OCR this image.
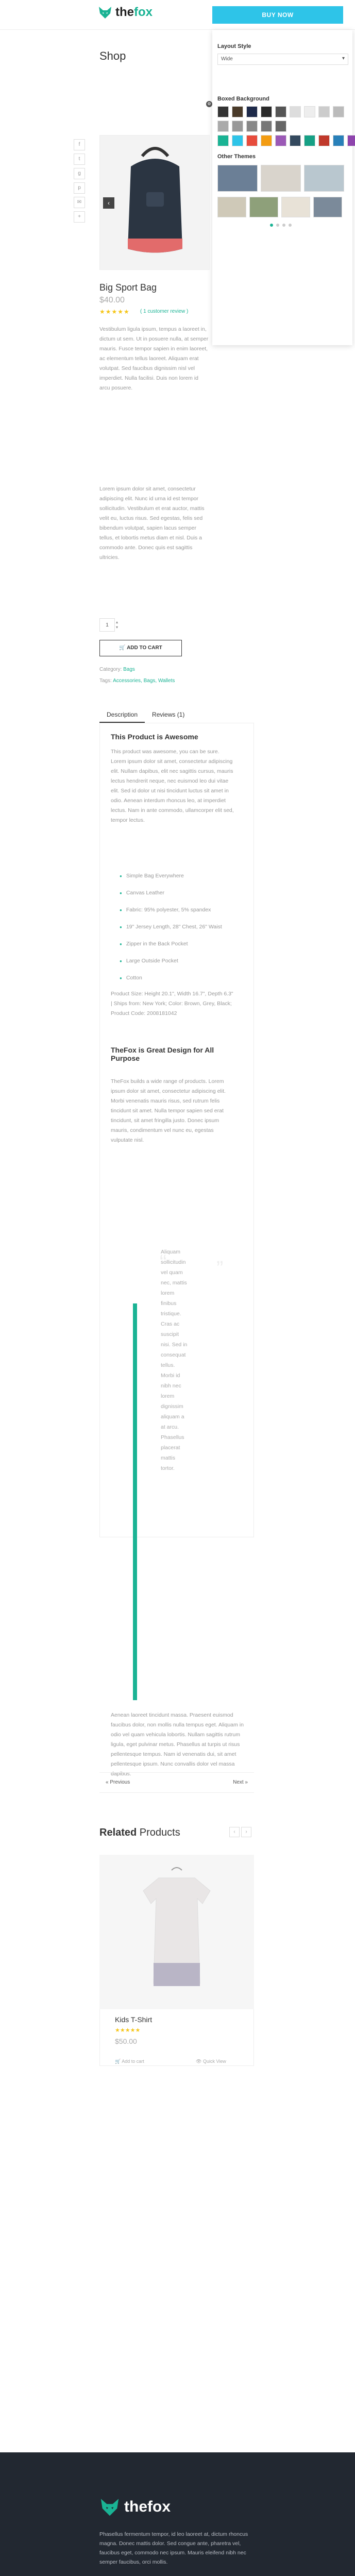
thefox	BUY NOW
Shop
Layout Style
Wide	▾
Boxed Background
Other Themes
⚙
f
t
g
p
✉
+
‹
Big Sport Bag
$40.00
★★★★★ ( 1 customer review )
Vestibulum ligula ipsum, tempus a laoreet in, dictum ut sem. Ut in posuere nulla, at semper mauris. Fusce tempor sapien in enim laoreet, ac elementum tellus laoreet. Aliquam erat volutpat. Sed faucibus dignissim nisl vel imperdiet. Nulla facilisi. Duis non lorem id arcu posuere.
Lorem ipsum dolor sit amet, consectetur adipiscing elit. Nunc id urna id est tempor sollicitudin. Vestibulum et erat auctor, mattis velit eu, luctus risus. Sed egestas, felis sed bibendum volutpat, sapien lacus semper tellus, et lobortis metus diam et nisl. Duis a commodo ante. Donec quis est sagittis ultricies.
1
▴
▾
🛒 ADD TO CART
Category: Bags
Tags: Accessories, Bags, Wallets
Description	Reviews (1)
This Product is Awesome
This product was awesome, you can be sure. Lorem ipsum dolor sit amet, consectetur adipiscing elit. Nullam dapibus, elit nec sagittis cursus, mauris lectus hendrerit neque, nec euismod leo dui vitae elit. Sed id dolor ut nisi tincidunt luctus sit amet in odio. Aenean interdum rhoncus leo, at imperdiet lectus. Nam in ante commodo, ullamcorper elit sed, tempor lectus.
● Simple Bag Everywhere
● Canvas Leather
● Fabric: 95% polyester, 5% spandex
● 19" Jersey Length, 28" Chest, 26" Waist
● Zipper in the Back Pocket
● Large Outside Pocket
● Cotton
Product Size: Height 20.1", Width 16.7", Depth 6.3" | Ships from: New York; Color: Brown, Grey, Black; Product Code: 2008181042
TheFox is Great Design for All Purpose
TheFox builds a wide range of products. Lorem ipsum dolor sit amet, consectetur adipiscing elit. Morbi venenatis mauris risus, sed rutrum felis tincidunt sit amet. Nulla tempor sapien sed erat tincidunt, sit amet fringilla justo. Donec ipsum mauris, condimentum vel nunc eu, egestas vulputate nisl.
“ ”
Aliquam sollicitudin vel quam nec, mattis lorem finibus tristique. Cras ac suscipit nisi. Sed in consequat tellus. Morbi id nibh nec lorem dignissim aliquam a at arcu. Phasellus placerat mattis tortor.
Aenean laoreet tincidunt massa. Praesent euismod faucibus dolor, non mollis nulla tempus eget. Aliquam in odio vel quam vehicula lobortis. Nullam sagittis rutrum ligula, eget pulvinar metus. Phasellus at turpis ut risus pellentesque tempus. Nam id venenatis dui, sit amet pellentesque ipsum. Nunc convallis dolor vel massa dapibus.
« Previous	Next »
Related Products	‹	›
Kids T-Shirt
★★★★★
$50.00
🛒 Add to cart	👁 Quick View
thefox
Phasellus fermentum tempor, id leo laoreet at, dictum rhoncus magna. Donec mattis dolor. Sed congue ante, pharetra vel, faucibus eget, commodo nec ipsum. Mauris eleifend nibh nec semper faucibus, orci mollis.
